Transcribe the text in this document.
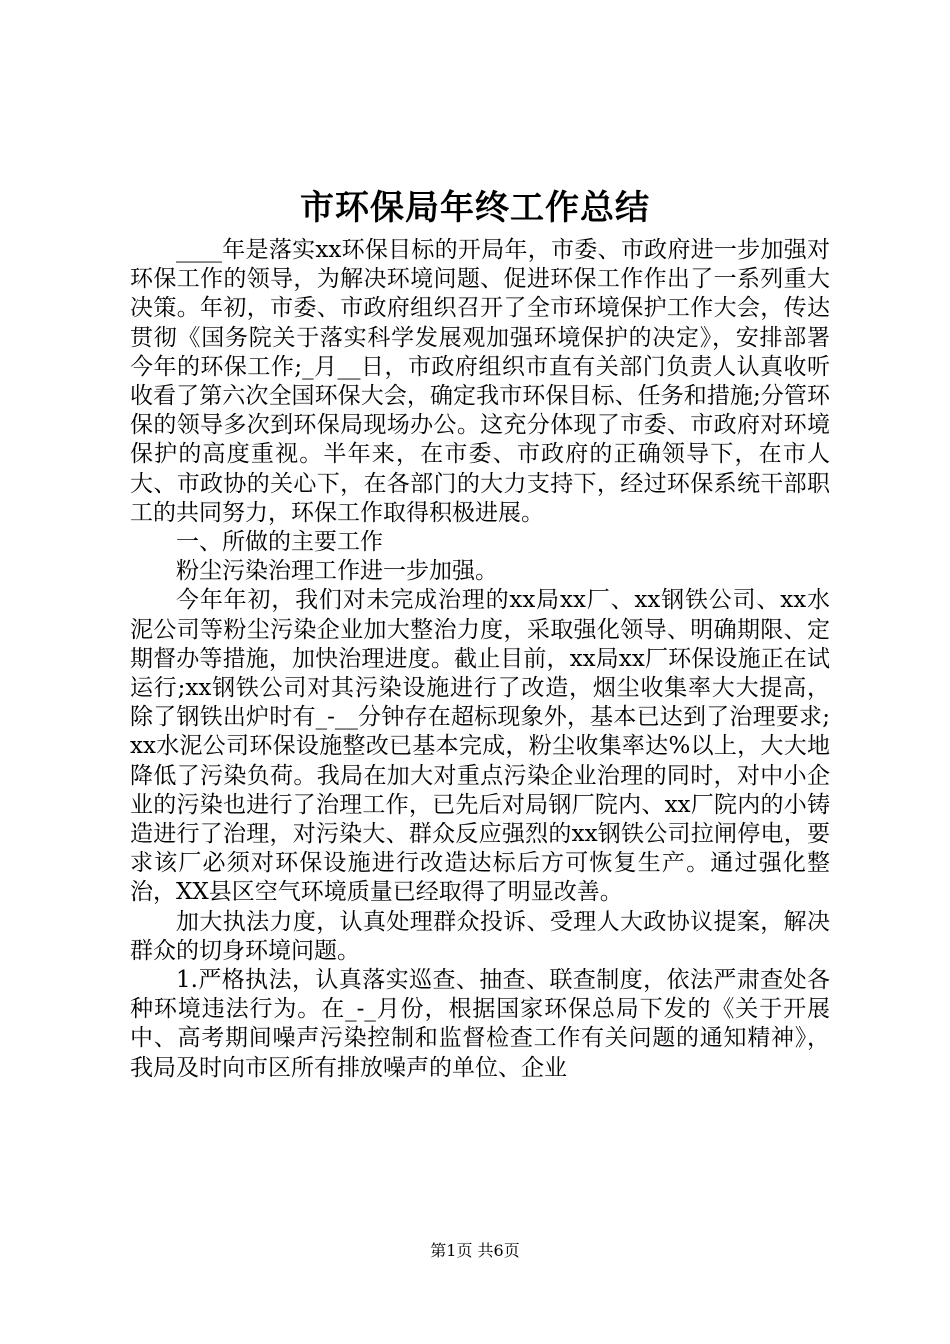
市环保局年终工作总结

____年是落实xx环保目标的开局年，市委、市政府进一步加强对环保工作的领导，为解决环境问题、促进环保工作作出了一系列重大决策。年初，市委、市政府组织召开了全市环境保护工作大会，传达贯彻《国务院关于落实科学发展观加强环境保护的决定》，安排部署今年的环保工作;_月__日，市政府组织市直有关部门负责人认真收听收看了第六次全国环保大会，确定我市环保目标、任务和措施;分管环保的领导多次到环保局现场办公。这充分体现了市委、市政府对环境保护的高度重视。半年来，在市委、市政府的正确领导下，在市人大、市政协的关心下，在各部门的大力支持下，经过环保系统干部职工的共同努力，环保工作取得积极进展。

一、所做的主要工作

粉尘污染治理工作进一步加强。

今年年初，我们对未完成治理的xx局xx厂、xx钢铁公司、xx水泥公司等粉尘污染企业加大整治力度，采取强化领导、明确期限、定期督办等措施，加快治理进度。截止目前，xx局xx厂环保设施正在试运行;xx钢铁公司对其污染设施进行了改造，烟尘收集率大大提高，除了钢铁出炉时有_-__分钟存在超标现象外，基本已达到了治理要求;xx水泥公司环保设施整改已基本完成，粉尘收集率达%以上，大大地降低了污染负荷。我局在加大对重点污染企业治理的同时，对中小企业的污染也进行了治理工作，已先后对局钢厂院内、xx厂院内的小铸造进行了治理，对污染大、群众反应强烈的xx钢铁公司拉闸停电，要求该厂必须对环保设施进行改造达标后方可恢复生产。通过强化整治，XX县区空气环境质量已经取得了明显改善。

加大执法力度，认真处理群众投诉、受理人大政协议提案，解决群众的切身环境问题。

1.严格执法，认真落实巡查、抽查、联查制度，依法严肃查处各种环境违法行为。在_-_月份，根据国家环保总局下发的《关于开展中、高考期间噪声污染控制和监督检查工作有关问题的通知精神》，我局及时向市区所有排放噪声的单位、企业

第1页 共6页
